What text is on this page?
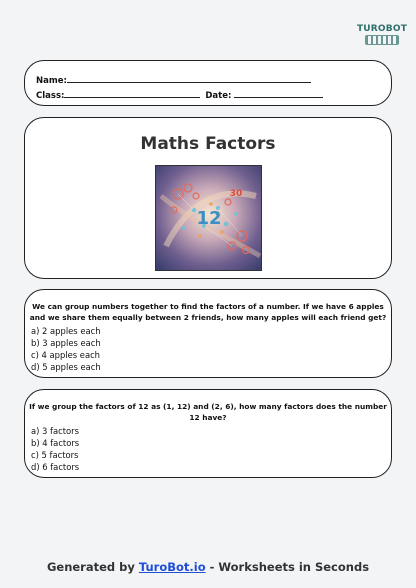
TUROBOT
Name:
Class:	Date:
Maths Factors
12
30
We can group numbers together to find the factors of a number. If we have 6 apples and we share them equally between 2 friends, how many apples will each friend get?
a) 2 apples each
b) 3 apples each
c) 4 apples each
d) 5 apples each
If we group the factors of 12 as (1, 12) and (2, 6), how many factors does the number 12 have?
a) 3 factors
b) 4 factors
c) 5 factors
d) 6 factors
Generated by TuroBot.io - Worksheets in Seconds
